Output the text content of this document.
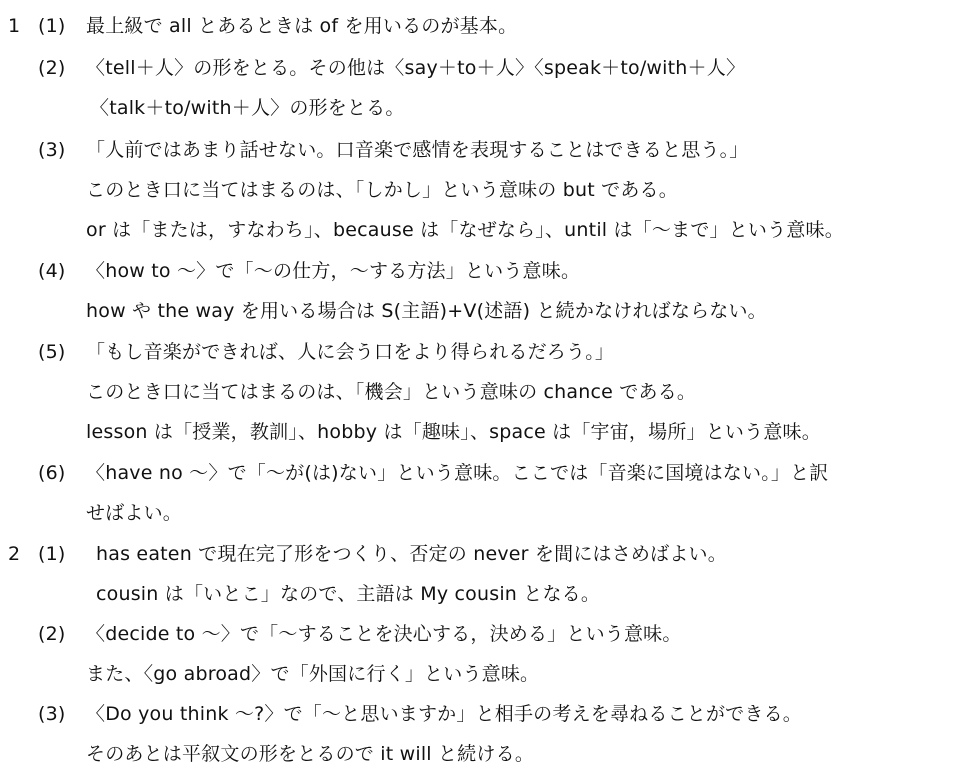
1 (1) 最上級で all とあるときは of を用いるのが基本。
(2) 〈tell＋人〉の形をとる。その他は〈say＋to＋人〉〈speak＋to/with＋人〉
〈talk＋to/with＋人〉の形をとる。
(3) 「人前ではあまり話せない。口音楽で感情を表現することはできると思う。」
このとき口に当てはまるのは、「しかし」という意味の but である。
or は「または，すなわち」、because は「なぜなら」、until は「～まで」という意味。
(4) 〈how to ～〉で「～の仕方，～する方法」という意味。
how や the way を用いる場合は S(主語)+V(述語) と続かなければならない。
(5) 「もし音楽ができれば、人に会う口をより得られるだろう。」
このとき口に当てはまるのは、「機会」という意味の chance である。
lesson は「授業，教訓」、hobby は「趣味」、space は「宇宙，場所」という意味。
(6) 〈have no ～〉で「～が(は)ない」という意味。ここでは「音楽に国境はない。」と訳
せばよい。
2 (1) has eaten で現在完了形をつくり、否定の never を間にはさめばよい。
cousin は「いとこ」なので、主語は My cousin となる。
(2) 〈decide to ～〉で「～することを決心する，決める」という意味。
また、〈go abroad〉で「外国に行く」という意味。
(3) 〈Do you think ～?〉で「～と思いますか」と相手の考えを尋ねることができる。
そのあとは平叙文の形をとるので it will と続ける。
